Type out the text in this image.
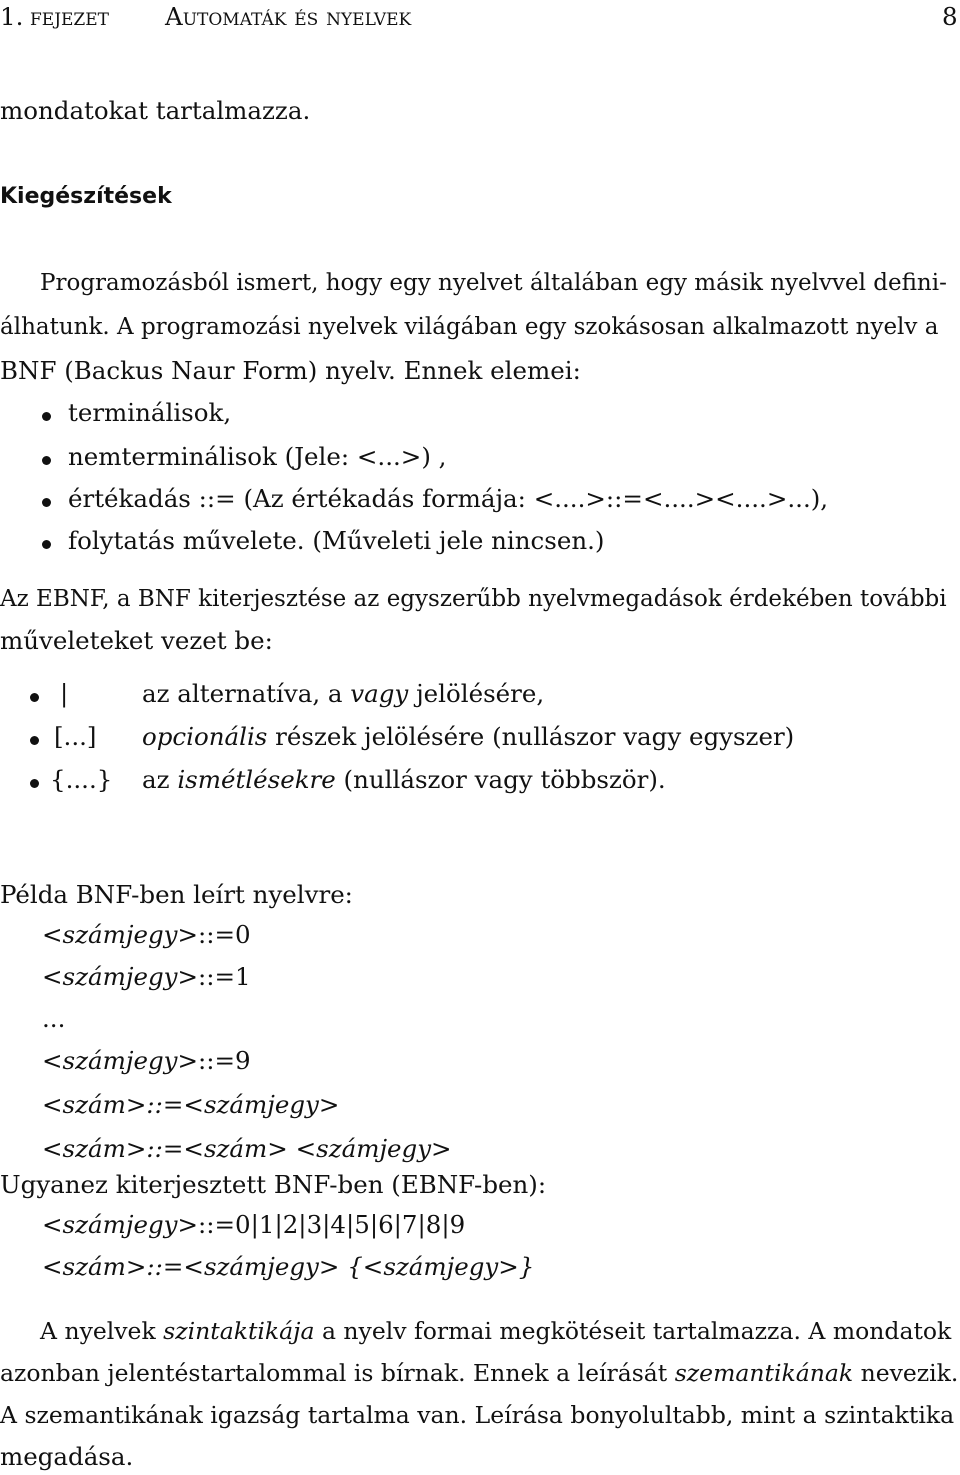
1. fejezet Automaták és nyelvek	8
mondatokat tartalmazza.
Kiegészítések
Programozásból ismert, hogy egy nyelvet általában egy másik nyelvvel defini-
álhatunk. A programozási nyelvek világában egy szokásosan alkalmazott nyelv a
BNF (Backus Naur Form) nyelv. Ennek elemei:
terminálisok,
nemterminálisok (Jele: <...>) ,
értékadás ::= (Az értékadás formája: <....>::=<....><....>...),
folytatás művelete. (Műveleti jele nincsen.)
Az EBNF, a BNF kiterjesztése az egyszerűbb nyelvmegadások érdekében további
műveleteket vezet be:
|	az alternatíva, a vagy jelölésére,
[...] opcionális részek jelölésére (nullászor vagy egyszer)
{....} az ismétlésekre (nullászor vagy többször).
Példa BNF-ben leírt nyelvre:
<számjegy>::=0
<számjegy>::=1
...
<számjegy>::=9
<szám>::=<számjegy>
<szám>::=<szám> <számjegy>
Ugyanez kiterjesztett BNF-ben (EBNF-ben):
<számjegy>::=0|1|2|3|4|5|6|7|8|9
<szám>::=<számjegy> {<számjegy>}
A nyelvek szintaktikája a nyelv formai megkötéseit tartalmazza. A mondatok
azonban jelentéstartalommal is bírnak. Ennek a leírását szemantikának nevezik.
A szemantikának igazság tartalma van. Leírása bonyolultabb, mint a szintaktika
megadása.
